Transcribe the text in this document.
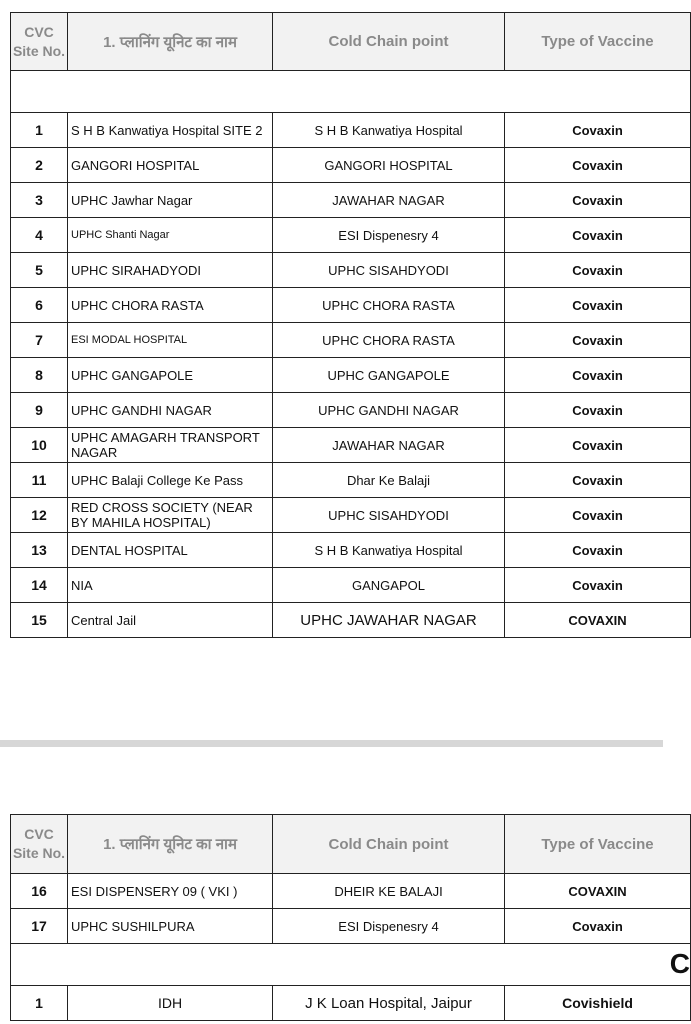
CVC Site No.	1. प्लानिंग यूनिट का नाम	Cold Chain point	Type of Vaccine

1	S H B Kanwatiya Hospital SITE 2	S H B Kanwatiya Hospital	Covaxin
2	GANGORI HOSPITAL	GANGORI HOSPITAL	Covaxin
3	UPHC Jawhar Nagar	JAWAHAR NAGAR	Covaxin
4	UPHC Shanti Nagar	ESI Dispenesry 4	Covaxin
5	UPHC SIRAHADYODI	UPHC SISAHDYODI	Covaxin
6	UPHC CHORA RASTA	UPHC CHORA RASTA	Covaxin
7	ESI MODAL HOSPITAL	UPHC CHORA RASTA	Covaxin
8	UPHC GANGAPOLE	UPHC GANGAPOLE	Covaxin
9	UPHC GANDHI NAGAR	UPHC GANDHI NAGAR	Covaxin
10	UPHC AMAGARH TRANSPORT NAGAR	JAWAHAR NAGAR	Covaxin
11	UPHC Balaji College Ke Pass	Dhar Ke Balaji	Covaxin
12	RED CROSS SOCIETY (NEAR BY MAHILA HOSPITAL)	UPHC SISAHDYODI	Covaxin
13	DENTAL HOSPITAL	S H B Kanwatiya Hospital	Covaxin
14	NIA	GANGAPOL	Covaxin
15	Central Jail	UPHC JAWAHAR NAGAR	COVAXIN
CVC Site No.	1. प्लानिंग यूनिट का नाम	Cold Chain point	Type of Vaccine
16	ESI DISPENSERY 09 ( VKI )	DHEIR KE BALAJI	COVAXIN
17	UPHC SUSHILPURA	ESI Dispenesry 4	Covaxin

C			

1	IDH	J K Loan Hospital, Jaipur	Covishield
